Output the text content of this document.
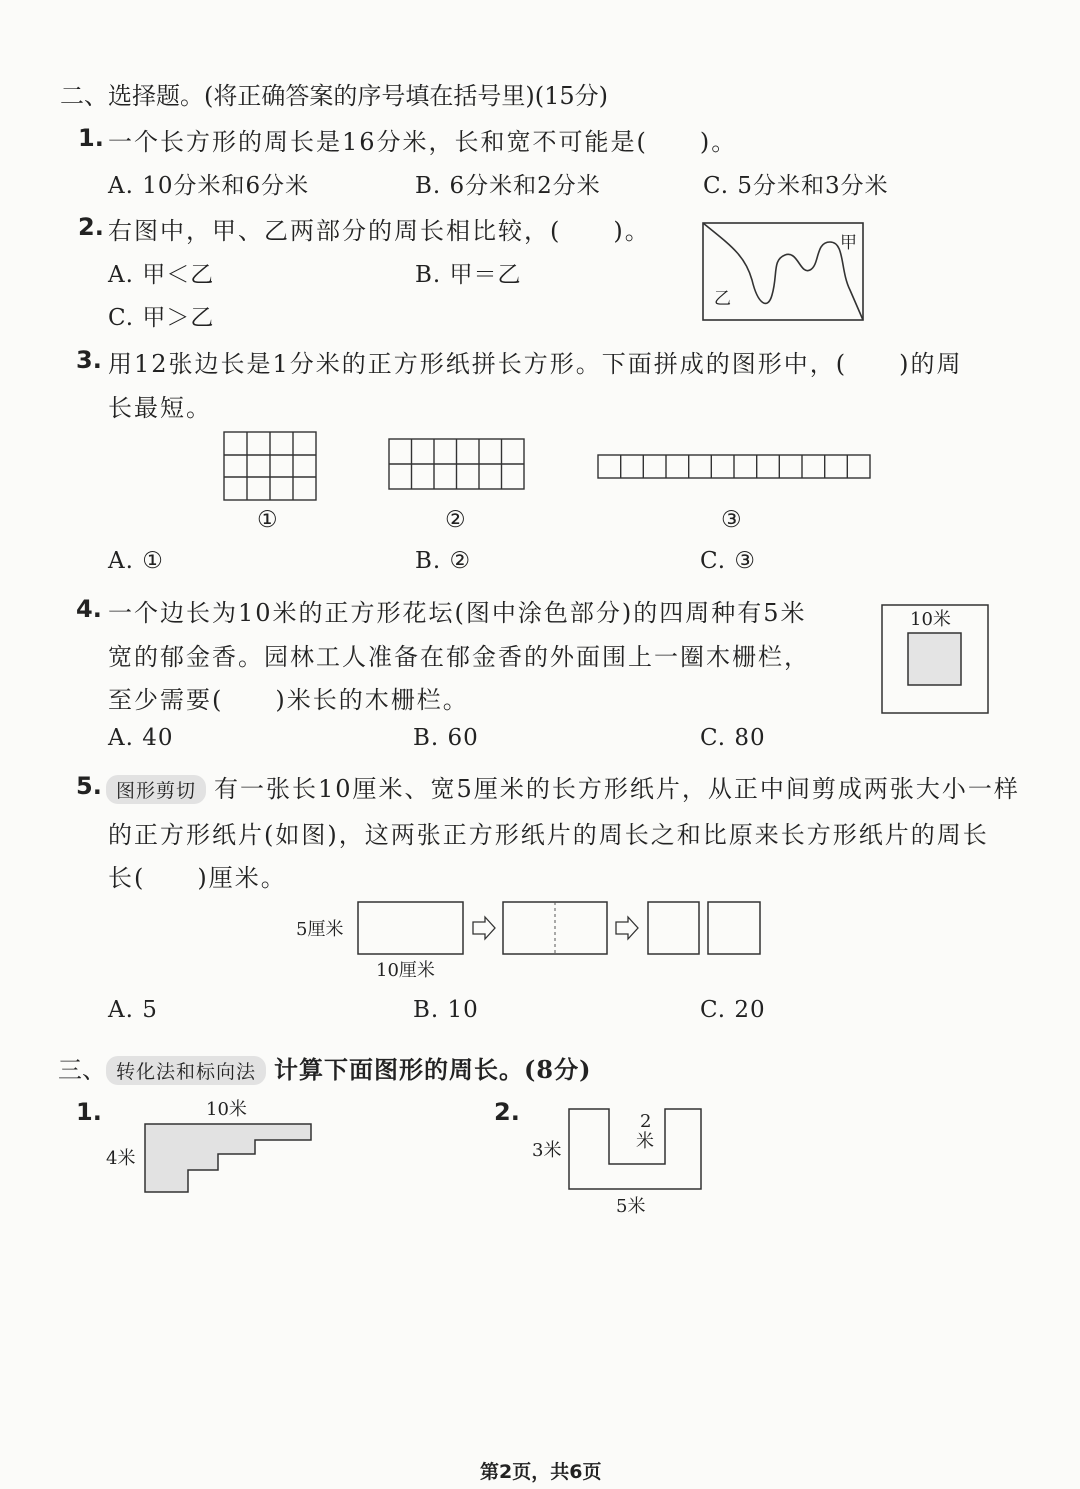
二、选择题。(将正确答案的序号填在括号里)(15分)
1. 一个长方形的周长是16分米，长和宽不可能是(　　)。
A. 10分米和6分米	B. 6分米和2分米	C. 5分米和3分米
2. 右图中，甲、乙两部分的周长相比较，(　　)。
A. 甲＜乙	B. 甲＝乙
C. 甲＞乙
甲
乙
3. 用12张边长是1分米的正方形纸拼长方形。下面拼成的图形中，(　　)的周
长最短。
①	②	③
A. ①	B. ②	C. ③
4. 一个边长为10米的正方形花坛(图中涂色部分)的四周种有5米
宽的郁金香。园林工人准备在郁金香的外面围上一圈木栅栏，
至少需要(　　)米长的木栅栏。
10米
A. 40	B. 60	C. 80
5. 图形剪切 有一张长10厘米、宽5厘米的长方形纸片，从正中间剪成两张大小一样
的正方形纸片(如图)，这两张正方形纸片的周长之和比原来长方形纸片的周长
长(　　)厘米。
5厘米
10厘米
A. 5	B. 10	C. 20
三、 转化法和标向法 计算下面图形的周长。(8分)
1.	10米
4米
2.	2
米
3米
5米
第2页，共6页
